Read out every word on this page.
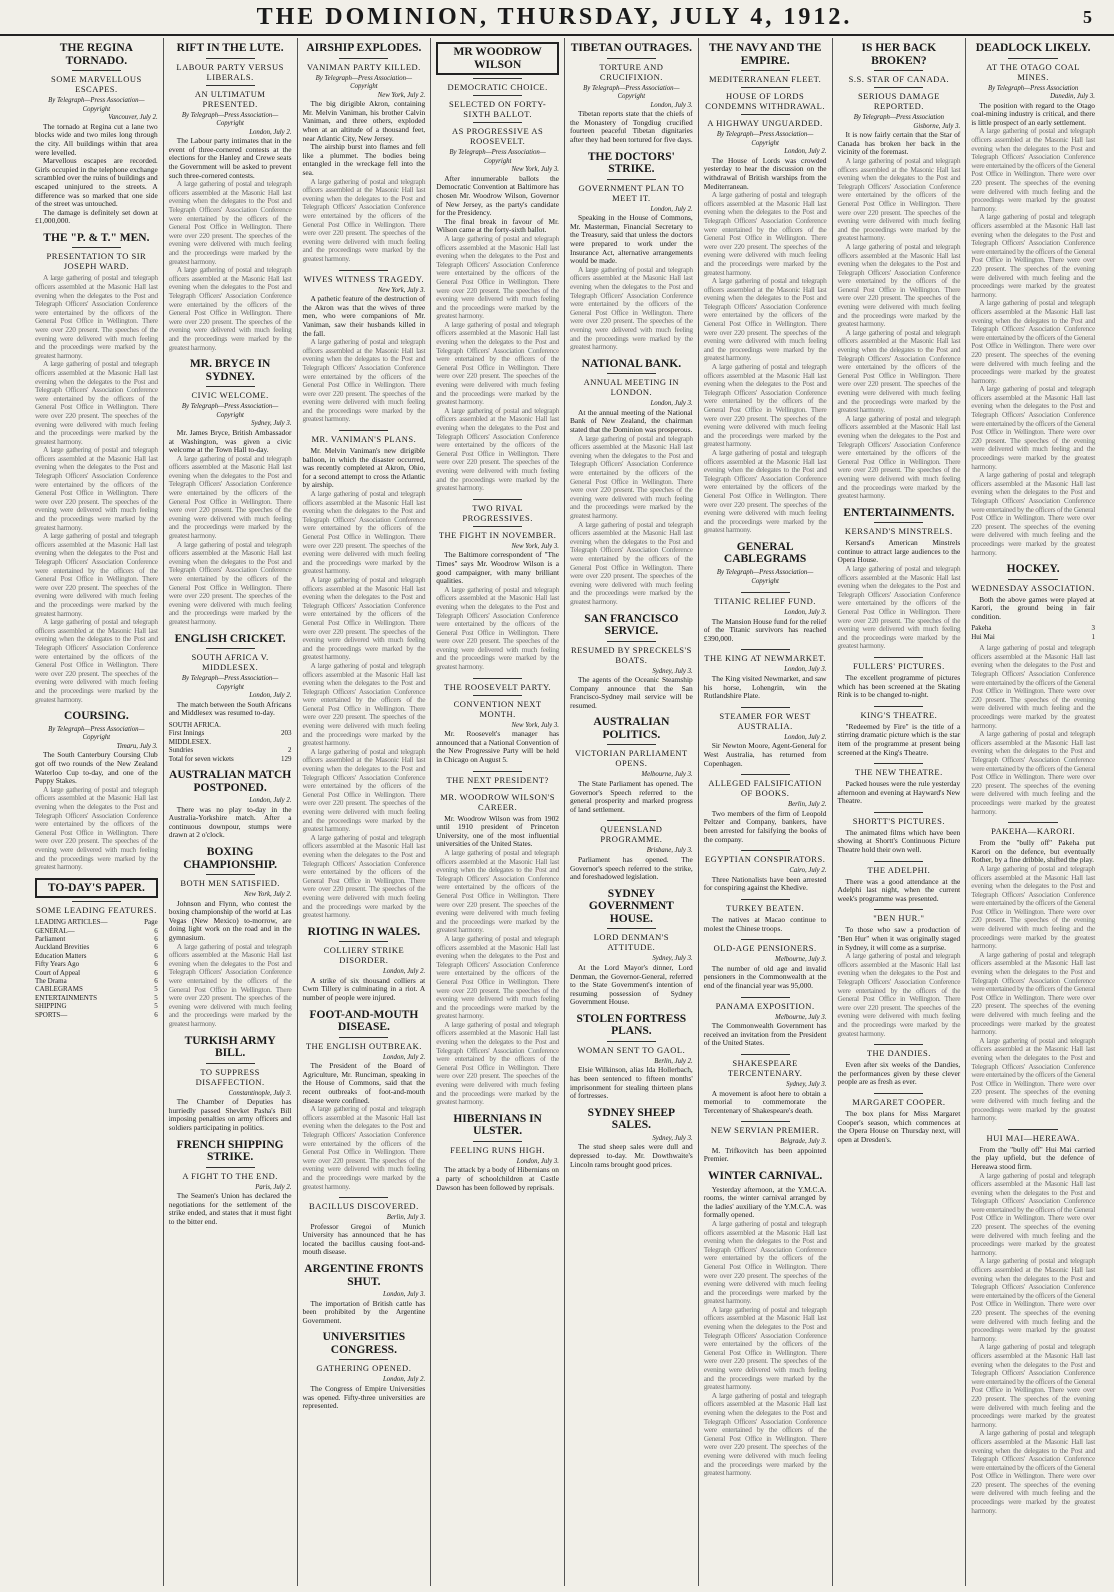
THE DOMINION, THURSDAY, JULY 4, 1912.	5
THE REGINA TORNADO.
SOME MARVELLOUS ESCAPES.
By Telegraph—Press Association—Copyright
Vancouver, July 2.

The tornado at Regina cut a lane two blocks wide and two miles long through the city. All buildings within that area were levelled.

Marvellous escapes are recorded. Girls occupied in the telephone exchange scrambled over the ruins of buildings and escaped uninjured to the streets. A difference was so marked that one side of the street was untouched.

The damage is definitely set down at £1,000,000.

THE "P. & T." MEN.
PRESENTATION TO SIR JOSEPH WARD.

A large gathering of postal and telegraph officers assembled at the Masonic Hall last evening when the delegates to the Post and Telegraph Officers' Association Conference were entertained by the officers of the General Post Office in Wellington. There were over 220 present. The speeches of the evening were delivered with much feeling and the proceedings were marked by the greatest harmony.

A large gathering of postal and telegraph officers assembled at the Masonic Hall last evening when the delegates to the Post and Telegraph Officers' Association Conference were entertained by the officers of the General Post Office in Wellington. There were over 220 present. The speeches of the evening were delivered with much feeling and the proceedings were marked by the greatest harmony.

A large gathering of postal and telegraph officers assembled at the Masonic Hall last evening when the delegates to the Post and Telegraph Officers' Association Conference were entertained by the officers of the General Post Office in Wellington. There were over 220 present. The speeches of the evening were delivered with much feeling and the proceedings were marked by the greatest harmony.

A large gathering of postal and telegraph officers assembled at the Masonic Hall last evening when the delegates to the Post and Telegraph Officers' Association Conference were entertained by the officers of the General Post Office in Wellington. There were over 220 present. The speeches of the evening were delivered with much feeling and the proceedings were marked by the greatest harmony.

A large gathering of postal and telegraph officers assembled at the Masonic Hall last evening when the delegates to the Post and Telegraph Officers' Association Conference were entertained by the officers of the General Post Office in Wellington. There were over 220 present. The speeches of the evening were delivered with much feeling and the proceedings were marked by the greatest harmony.

COURSING.
By Telegraph—Press Association—Copyright
Timaru, July 3.

The South Canterbury Coursing Club got off two rounds of the New Zealand Waterloo Cup to-day, and one of the Puppy Stakes.

A large gathering of postal and telegraph officers assembled at the Masonic Hall last evening when the delegates to the Post and Telegraph Officers' Association Conference were entertained by the officers of the General Post Office in Wellington. There were over 220 present. The speeches of the evening were delivered with much feeling and the proceedings were marked by the greatest harmony.

TO-DAY'S PAPER.
SOME LEADING FEATURES.
LEADING ARTICLES—	Page
GENERAL—	6
Parliament	6
Auckland Brevities	6
Education Matters	6
Fifty Years Ago	6
Court of Appeal	6
The Drama	6
CABLEGRAMS	5
ENTERTAINMENTS	5
SHIPPING	5
SPORTS—	6
RIFT IN THE LUTE.
LABOUR PARTY VERSUS LIBERALS.
AN ULTIMATUM PRESENTED.
By Telegraph—Press Association—Copyright
London, July 2.

The Labour party intimates that in the event of three-cornered contests at the elections for the Hanley and Crewe seats the Government will be asked to prevent such three-cornered contests.

A large gathering of postal and telegraph officers assembled at the Masonic Hall last evening when the delegates to the Post and Telegraph Officers' Association Conference were entertained by the officers of the General Post Office in Wellington. There were over 220 present. The speeches of the evening were delivered with much feeling and the proceedings were marked by the greatest harmony.

A large gathering of postal and telegraph officers assembled at the Masonic Hall last evening when the delegates to the Post and Telegraph Officers' Association Conference were entertained by the officers of the General Post Office in Wellington. There were over 220 present. The speeches of the evening were delivered with much feeling and the proceedings were marked by the greatest harmony.

MR. BRYCE IN SYDNEY.
CIVIC WELCOME.
By Telegraph—Press Association—Copyright
Sydney, July 3.

Mr. James Bryce, British Ambassador at Washington, was given a civic welcome at the Town Hall to-day.

A large gathering of postal and telegraph officers assembled at the Masonic Hall last evening when the delegates to the Post and Telegraph Officers' Association Conference were entertained by the officers of the General Post Office in Wellington. There were over 220 present. The speeches of the evening were delivered with much feeling and the proceedings were marked by the greatest harmony.

A large gathering of postal and telegraph officers assembled at the Masonic Hall last evening when the delegates to the Post and Telegraph Officers' Association Conference were entertained by the officers of the General Post Office in Wellington. There were over 220 present. The speeches of the evening were delivered with much feeling and the proceedings were marked by the greatest harmony.

ENGLISH CRICKET.
SOUTH AFRICA V. MIDDLESEX.
By Telegraph—Press Association—Copyright
London, July 2.

The match between the South Africans and Middlesex was resumed to-day.

SOUTH AFRICA.
First Innings	203
MIDDLESEX.
Sundries	2
Total for seven wickets	129
AUSTRALIAN MATCH POSTPONED.
London, July 2.

There was no play to-day in the Australia-Yorkshire match. After a continuous downpour, stumps were drawn at 2 o'clock.

BOXING CHAMPIONSHIP.
BOTH MEN SATISFIED.
New York, July 2.

Johnson and Flynn, who contest the boxing championship of the world at Las Vegas (New Mexico) to-morrow, are doing light work on the road and in the gymnasium.

A large gathering of postal and telegraph officers assembled at the Masonic Hall last evening when the delegates to the Post and Telegraph Officers' Association Conference were entertained by the officers of the General Post Office in Wellington. There were over 220 present. The speeches of the evening were delivered with much feeling and the proceedings were marked by the greatest harmony.

TURKISH ARMY BILL.
TO SUPPRESS DISAFFECTION.
Constantinople, July 3.

The Chamber of Deputies has hurriedly passed Shevket Pasha's Bill imposing penalties on army officers and soldiers participating in politics.

FRENCH SHIPPING STRIKE.
A FIGHT TO THE END.
Paris, July 2.

The Seamen's Union has declared the negotiations for the settlement of the strike ended, and states that it must fight to the bitter end.

AIRSHIP EXPLODES.
VANIMAN PARTY KILLED.
By Telegraph—Press Association—Copyright
New York, July 2.

The big dirigible Akron, containing Mr. Melvin Vaniman, his brother Calvin Vaniman, and three others, exploded when at an altitude of a thousand feet, near Atlantic City, New Jersey.

The airship burst into flames and fell like a plummet. The bodies being entangled in the wreckage fell into the sea.

A large gathering of postal and telegraph officers assembled at the Masonic Hall last evening when the delegates to the Post and Telegraph Officers' Association Conference were entertained by the officers of the General Post Office in Wellington. There were over 220 present. The speeches of the evening were delivered with much feeling and the proceedings were marked by the greatest harmony.

WIVES WITNESS TRAGEDY.
New York, July 3.

A pathetic feature of the destruction of the Akron was that the wives of three men, who were companions of Mr. Vaniman, saw their husbands killed in the fall.

A large gathering of postal and telegraph officers assembled at the Masonic Hall last evening when the delegates to the Post and Telegraph Officers' Association Conference were entertained by the officers of the General Post Office in Wellington. There were over 220 present. The speeches of the evening were delivered with much feeling and the proceedings were marked by the greatest harmony.

MR. VANIMAN'S PLANS.

Mr. Melvin Vaniman's new dirigible balloon, in which the disaster occurred, was recently completed at Akron, Ohio, for a second attempt to cross the Atlantic by airship.

A large gathering of postal and telegraph officers assembled at the Masonic Hall last evening when the delegates to the Post and Telegraph Officers' Association Conference were entertained by the officers of the General Post Office in Wellington. There were over 220 present. The speeches of the evening were delivered with much feeling and the proceedings were marked by the greatest harmony.

A large gathering of postal and telegraph officers assembled at the Masonic Hall last evening when the delegates to the Post and Telegraph Officers' Association Conference were entertained by the officers of the General Post Office in Wellington. There were over 220 present. The speeches of the evening were delivered with much feeling and the proceedings were marked by the greatest harmony.

A large gathering of postal and telegraph officers assembled at the Masonic Hall last evening when the delegates to the Post and Telegraph Officers' Association Conference were entertained by the officers of the General Post Office in Wellington. There were over 220 present. The speeches of the evening were delivered with much feeling and the proceedings were marked by the greatest harmony.

A large gathering of postal and telegraph officers assembled at the Masonic Hall last evening when the delegates to the Post and Telegraph Officers' Association Conference were entertained by the officers of the General Post Office in Wellington. There were over 220 present. The speeches of the evening were delivered with much feeling and the proceedings were marked by the greatest harmony.

A large gathering of postal and telegraph officers assembled at the Masonic Hall last evening when the delegates to the Post and Telegraph Officers' Association Conference were entertained by the officers of the General Post Office in Wellington. There were over 220 present. The speeches of the evening were delivered with much feeling and the proceedings were marked by the greatest harmony.

RIOTING IN WALES.
COLLIERY STRIKE DISORDER.
London, July 2.

A strike of six thousand colliers at Cwm Tillery is culminating in a riot. A number of people were injured.

FOOT-AND-MOUTH DISEASE.
THE ENGLISH OUTBREAK.
London, July 2.

The President of the Board of Agriculture, Mr. Runciman, speaking in the House of Commons, said that the recent outbreaks of foot-and-mouth disease were confined.

A large gathering of postal and telegraph officers assembled at the Masonic Hall last evening when the delegates to the Post and Telegraph Officers' Association Conference were entertained by the officers of the General Post Office in Wellington. There were over 220 present. The speeches of the evening were delivered with much feeling and the proceedings were marked by the greatest harmony.

BACILLUS DISCOVERED.
Berlin, July 3.

Professor Gregoi of Munich University has announced that he has located the bacillus causing foot-and-mouth disease.

ARGENTINE FRONTS SHUT.
London, July 3.

The importation of British cattle has been prohibited by the Argentine Government.

UNIVERSITIES CONGRESS.
GATHERING OPENED.
London, July 2.

The Congress of Empire Universities was opened. Fifty-three universities are represented.

MR WOODROW WILSON
DEMOCRATIC CHOICE.
SELECTED ON FORTY-SIXTH BALLOT.
AS PROGRESSIVE AS ROOSEVELT.
By Telegraph—Press Association—Copyright
New York, July 3.

After innumerable ballots the Democratic Convention at Baltimore has chosen Mr. Woodrow Wilson, Governor of New Jersey, as the party's candidate for the Presidency.

The final break in favour of Mr. Wilson came at the forty-sixth ballot.

A large gathering of postal and telegraph officers assembled at the Masonic Hall last evening when the delegates to the Post and Telegraph Officers' Association Conference were entertained by the officers of the General Post Office in Wellington. There were over 220 present. The speeches of the evening were delivered with much feeling and the proceedings were marked by the greatest harmony.

A large gathering of postal and telegraph officers assembled at the Masonic Hall last evening when the delegates to the Post and Telegraph Officers' Association Conference were entertained by the officers of the General Post Office in Wellington. There were over 220 present. The speeches of the evening were delivered with much feeling and the proceedings were marked by the greatest harmony.

A large gathering of postal and telegraph officers assembled at the Masonic Hall last evening when the delegates to the Post and Telegraph Officers' Association Conference were entertained by the officers of the General Post Office in Wellington. There were over 220 present. The speeches of the evening were delivered with much feeling and the proceedings were marked by the greatest harmony.

TWO RIVAL PROGRESSIVES.
THE FIGHT IN NOVEMBER.
New York, July 3.

The Baltimore correspondent of "The Times" says Mr. Woodrow Wilson is a good campaigner, with many brilliant qualities.

A large gathering of postal and telegraph officers assembled at the Masonic Hall last evening when the delegates to the Post and Telegraph Officers' Association Conference were entertained by the officers of the General Post Office in Wellington. There were over 220 present. The speeches of the evening were delivered with much feeling and the proceedings were marked by the greatest harmony.

THE ROOSEVELT PARTY.
CONVENTION NEXT MONTH.
New York, July 3.

Mr. Roosevelt's manager has announced that a National Convention of the New Progressive Party will be held in Chicago on August 5.

THE NEXT PRESIDENT?
MR. WOODROW WILSON'S CAREER.

Mr. Woodrow Wilson was from 1902 until 1910 president of Princeton University, one of the most influential universities of the United States.

A large gathering of postal and telegraph officers assembled at the Masonic Hall last evening when the delegates to the Post and Telegraph Officers' Association Conference were entertained by the officers of the General Post Office in Wellington. There were over 220 present. The speeches of the evening were delivered with much feeling and the proceedings were marked by the greatest harmony.

A large gathering of postal and telegraph officers assembled at the Masonic Hall last evening when the delegates to the Post and Telegraph Officers' Association Conference were entertained by the officers of the General Post Office in Wellington. There were over 220 present. The speeches of the evening were delivered with much feeling and the proceedings were marked by the greatest harmony.

A large gathering of postal and telegraph officers assembled at the Masonic Hall last evening when the delegates to the Post and Telegraph Officers' Association Conference were entertained by the officers of the General Post Office in Wellington. There were over 220 present. The speeches of the evening were delivered with much feeling and the proceedings were marked by the greatest harmony.

HIBERNIANS IN ULSTER.
FEELING RUNS HIGH.
London, July 3.

The attack by a body of Hibernians on a party of schoolchildren at Castle Dawson has been followed by reprisals.

TIBETAN OUTRAGES.
TORTURE AND CRUCIFIXION.
By Telegraph—Press Association—Copyright
London, July 3.

Tibetan reports state that the chiefs of the Monastery of Tongdiug crucified fourteen peaceful Tibetan dignitaries after they had been tortured for five days.

THE DOCTORS' STRIKE.
GOVERNMENT PLAN TO MEET IT.
London, July 2.

Speaking in the House of Commons, Mr. Masterman, Financial Secretary to the Treasury, said that unless the doctors were prepared to work under the Insurance Act, alternative arrangements would be made.

A large gathering of postal and telegraph officers assembled at the Masonic Hall last evening when the delegates to the Post and Telegraph Officers' Association Conference were entertained by the officers of the General Post Office in Wellington. There were over 220 present. The speeches of the evening were delivered with much feeling and the proceedings were marked by the greatest harmony.

NATIONAL BANK.
ANNUAL MEETING IN LONDON.
London, July 3.

At the annual meeting of the National Bank of New Zealand, the chairman stated that the Dominion was prosperous.

A large gathering of postal and telegraph officers assembled at the Masonic Hall last evening when the delegates to the Post and Telegraph Officers' Association Conference were entertained by the officers of the General Post Office in Wellington. There were over 220 present. The speeches of the evening were delivered with much feeling and the proceedings were marked by the greatest harmony.

A large gathering of postal and telegraph officers assembled at the Masonic Hall last evening when the delegates to the Post and Telegraph Officers' Association Conference were entertained by the officers of the General Post Office in Wellington. There were over 220 present. The speeches of the evening were delivered with much feeling and the proceedings were marked by the greatest harmony.

SAN FRANCISCO SERVICE.
RESUMED BY SPRECKELS'S BOATS.
Sydney, July 3.

The agents of the Oceanic Steamship Company announce that the San Francisco-Sydney mail service will be resumed.

AUSTRALIAN POLITICS.
VICTORIAN PARLIAMENT OPENS.
Melbourne, July 3.

The State Parliament has opened. The Governor's Speech referred to the general prosperity and marked progress of land settlement.

QUEENSLAND PROGRAMME.
Brisbane, July 3.

Parliament has opened. The Governor's speech referred to the strike, and foreshadowed legislation.

SYDNEY GOVERNMENT HOUSE.
LORD DENMAN'S ATTITUDE.
Sydney, July 3.

At the Lord Mayor's dinner, Lord Denman, the Governor-General, referred to the State Government's intention of resuming possession of Sydney Government House.

STOLEN FORTRESS PLANS.
WOMAN SENT TO GAOL.
Berlin, July 2.

Elsie Wilkinson, alias Ida Hollerbach, has been sentenced to fifteen months' imprisonment for stealing thirteen plans of fortresses.

SYDNEY SHEEP SALES.
Sydney, July 3.

The stud sheep sales were dull and depressed to-day. Mr. Dowthwaite's Lincoln rams brought good prices.

THE NAVY AND THE EMPIRE.
MEDITERRANEAN FLEET.
HOUSE OF LORDS CONDEMNS WITHDRAWAL.
A HIGHWAY UNGUARDED.
By Telegraph—Press Association—Copyright
London, July 2.

The House of Lords was crowded yesterday to hear the discussion on the withdrawal of British warships from the Mediterranean.

A large gathering of postal and telegraph officers assembled at the Masonic Hall last evening when the delegates to the Post and Telegraph Officers' Association Conference were entertained by the officers of the General Post Office in Wellington. There were over 220 present. The speeches of the evening were delivered with much feeling and the proceedings were marked by the greatest harmony.

A large gathering of postal and telegraph officers assembled at the Masonic Hall last evening when the delegates to the Post and Telegraph Officers' Association Conference were entertained by the officers of the General Post Office in Wellington. There were over 220 present. The speeches of the evening were delivered with much feeling and the proceedings were marked by the greatest harmony.

A large gathering of postal and telegraph officers assembled at the Masonic Hall last evening when the delegates to the Post and Telegraph Officers' Association Conference were entertained by the officers of the General Post Office in Wellington. There were over 220 present. The speeches of the evening were delivered with much feeling and the proceedings were marked by the greatest harmony.

A large gathering of postal and telegraph officers assembled at the Masonic Hall last evening when the delegates to the Post and Telegraph Officers' Association Conference were entertained by the officers of the General Post Office in Wellington. There were over 220 present. The speeches of the evening were delivered with much feeling and the proceedings were marked by the greatest harmony.

GENERAL CABLEGRAMS
By Telegraph—Press Association—Copyright
TITANIC RELIEF FUND.
London, July 3.

The Mansion House fund for the relief of the Titanic survivors has reached £390,000.

THE KING AT NEWMARKET.
London, July 3.

The King visited Newmarket, and saw his horse, Lohengrin, win the Rutlandshire Plate.

STEAMER FOR WEST AUSTRALIA.
London, July 2.

Sir Newton Moore, Agent-General for West Australia, has returned from Copenhagen.

ALLEGED FALSIFICATION OF BOOKS.
Berlin, July 2.

Two members of the firm of Leopold Peltzer and Company, bankers, have been arrested for falsifying the books of the company.

EGYPTIAN CONSPIRATORS.
Cairo, July 2.

Three Nationalists have been arrested for conspiring against the Khedive.

TURKEY BEATEN.

The natives at Macao continue to molest the Chinese troops.

OLD-AGE PENSIONERS.
Melbourne, July 3.

The number of old age and invalid pensioners in the Commonwealth at the end of the financial year was 95,000.

PANAMA EXPOSITION.
Melbourne, July 3.

The Commonwealth Government has received an invitation from the President of the United States.

SHAKESPEARE TERCENTENARY.
Sydney, July 3.

A movement is afoot here to obtain a memorial to commemorate the Tercentenary of Shakespeare's death.

NEW SERVIAN PREMIER.
Belgrade, July 3.

M. Trifkovitch has been appointed Premier.

WINTER CARNIVAL.

Yesterday afternoon, at the Y.M.C.A. rooms, the winter carnival arranged by the ladies' auxiliary of the Y.M.C.A. was formally opened.

A large gathering of postal and telegraph officers assembled at the Masonic Hall last evening when the delegates to the Post and Telegraph Officers' Association Conference were entertained by the officers of the General Post Office in Wellington. There were over 220 present. The speeches of the evening were delivered with much feeling and the proceedings were marked by the greatest harmony.

A large gathering of postal and telegraph officers assembled at the Masonic Hall last evening when the delegates to the Post and Telegraph Officers' Association Conference were entertained by the officers of the General Post Office in Wellington. There were over 220 present. The speeches of the evening were delivered with much feeling and the proceedings were marked by the greatest harmony.

A large gathering of postal and telegraph officers assembled at the Masonic Hall last evening when the delegates to the Post and Telegraph Officers' Association Conference were entertained by the officers of the General Post Office in Wellington. There were over 220 present. The speeches of the evening were delivered with much feeling and the proceedings were marked by the greatest harmony.

IS HER BACK BROKEN?
S.S. STAR OF CANADA.
SERIOUS DAMAGE REPORTED.
By Telegraph—Press Association
Gisborne, July 3.

It is now fairly certain that the Star of Canada has broken her back in the vicinity of the foremast.

A large gathering of postal and telegraph officers assembled at the Masonic Hall last evening when the delegates to the Post and Telegraph Officers' Association Conference were entertained by the officers of the General Post Office in Wellington. There were over 220 present. The speeches of the evening were delivered with much feeling and the proceedings were marked by the greatest harmony.

A large gathering of postal and telegraph officers assembled at the Masonic Hall last evening when the delegates to the Post and Telegraph Officers' Association Conference were entertained by the officers of the General Post Office in Wellington. There were over 220 present. The speeches of the evening were delivered with much feeling and the proceedings were marked by the greatest harmony.

A large gathering of postal and telegraph officers assembled at the Masonic Hall last evening when the delegates to the Post and Telegraph Officers' Association Conference were entertained by the officers of the General Post Office in Wellington. There were over 220 present. The speeches of the evening were delivered with much feeling and the proceedings were marked by the greatest harmony.

A large gathering of postal and telegraph officers assembled at the Masonic Hall last evening when the delegates to the Post and Telegraph Officers' Association Conference were entertained by the officers of the General Post Office in Wellington. There were over 220 present. The speeches of the evening were delivered with much feeling and the proceedings were marked by the greatest harmony.

ENTERTAINMENTS.
KERSAND'S MINSTRELS.

Kersand's American Minstrels continue to attract large audiences to the Opera House.

A large gathering of postal and telegraph officers assembled at the Masonic Hall last evening when the delegates to the Post and Telegraph Officers' Association Conference were entertained by the officers of the General Post Office in Wellington. There were over 220 present. The speeches of the evening were delivered with much feeling and the proceedings were marked by the greatest harmony.

FULLERS' PICTURES.

The excellent programme of pictures which has been screened at the Skating Rink is to be changed to-night.

KING'S THEATRE.

"Redeemed by Fire" is the title of a stirring dramatic picture which is the star item of the programme at present being screened at the King's Theatre.

THE NEW THEATRE.

Packed houses were the rule yesterday afternoon and evening at Hayward's New Theatre.

SHORTT'S PICTURES.

The animated films which have been showing at Shortt's Continuous Picture Theatre hold their own well.

THE ADELPHI.

There was a good attendance at the Adelphi last night, when the current week's programme was presented.

"BEN HUR."

To those who saw a production of "Ben Hur" when it was originally staged in Sydney, it will come as a surprise.

A large gathering of postal and telegraph officers assembled at the Masonic Hall last evening when the delegates to the Post and Telegraph Officers' Association Conference were entertained by the officers of the General Post Office in Wellington. There were over 220 present. The speeches of the evening were delivered with much feeling and the proceedings were marked by the greatest harmony.

THE DANDIES.

Even after six weeks of the Dandies, the performances given by these clever people are as fresh as ever.

MARGARET COOPER.

The box plans for Miss Margaret Cooper's season, which commences at the Opera House on Thursday next, will open at Dresden's.

DEADLOCK LIKELY.
AT THE OTAGO COAL MINES.
By Telegraph—Press Association
Dunedin, July 3.

The position with regard to the Otago coal-mining industry is critical, and there is little prospect of an early settlement.

A large gathering of postal and telegraph officers assembled at the Masonic Hall last evening when the delegates to the Post and Telegraph Officers' Association Conference were entertained by the officers of the General Post Office in Wellington. There were over 220 present. The speeches of the evening were delivered with much feeling and the proceedings were marked by the greatest harmony.

A large gathering of postal and telegraph officers assembled at the Masonic Hall last evening when the delegates to the Post and Telegraph Officers' Association Conference were entertained by the officers of the General Post Office in Wellington. There were over 220 present. The speeches of the evening were delivered with much feeling and the proceedings were marked by the greatest harmony.

A large gathering of postal and telegraph officers assembled at the Masonic Hall last evening when the delegates to the Post and Telegraph Officers' Association Conference were entertained by the officers of the General Post Office in Wellington. There were over 220 present. The speeches of the evening were delivered with much feeling and the proceedings were marked by the greatest harmony.

A large gathering of postal and telegraph officers assembled at the Masonic Hall last evening when the delegates to the Post and Telegraph Officers' Association Conference were entertained by the officers of the General Post Office in Wellington. There were over 220 present. The speeches of the evening were delivered with much feeling and the proceedings were marked by the greatest harmony.

A large gathering of postal and telegraph officers assembled at the Masonic Hall last evening when the delegates to the Post and Telegraph Officers' Association Conference were entertained by the officers of the General Post Office in Wellington. There were over 220 present. The speeches of the evening were delivered with much feeling and the proceedings were marked by the greatest harmony.

HOCKEY.
WEDNESDAY ASSOCIATION.

Both the above games were played at Karori, the ground being in fair condition.

Pakeha	3
Hui Mai	1

A large gathering of postal and telegraph officers assembled at the Masonic Hall last evening when the delegates to the Post and Telegraph Officers' Association Conference were entertained by the officers of the General Post Office in Wellington. There were over 220 present. The speeches of the evening were delivered with much feeling and the proceedings were marked by the greatest harmony.

A large gathering of postal and telegraph officers assembled at the Masonic Hall last evening when the delegates to the Post and Telegraph Officers' Association Conference were entertained by the officers of the General Post Office in Wellington. There were over 220 present. The speeches of the evening were delivered with much feeling and the proceedings were marked by the greatest harmony.

PAKEHA—KARORI.

From the "bully off" Pakeha put Karori on the defence, but eventually Rother, by a fine dribble, shifted the play.

A large gathering of postal and telegraph officers assembled at the Masonic Hall last evening when the delegates to the Post and Telegraph Officers' Association Conference were entertained by the officers of the General Post Office in Wellington. There were over 220 present. The speeches of the evening were delivered with much feeling and the proceedings were marked by the greatest harmony.

A large gathering of postal and telegraph officers assembled at the Masonic Hall last evening when the delegates to the Post and Telegraph Officers' Association Conference were entertained by the officers of the General Post Office in Wellington. There were over 220 present. The speeches of the evening were delivered with much feeling and the proceedings were marked by the greatest harmony.

A large gathering of postal and telegraph officers assembled at the Masonic Hall last evening when the delegates to the Post and Telegraph Officers' Association Conference were entertained by the officers of the General Post Office in Wellington. There were over 220 present. The speeches of the evening were delivered with much feeling and the proceedings were marked by the greatest harmony.

HUI MAI—HEREAWA.

From the "bully off" Hui Mai carried the play upfield, but the defence of Hereawa stood firm.

A large gathering of postal and telegraph officers assembled at the Masonic Hall last evening when the delegates to the Post and Telegraph Officers' Association Conference were entertained by the officers of the General Post Office in Wellington. There were over 220 present. The speeches of the evening were delivered with much feeling and the proceedings were marked by the greatest harmony.

A large gathering of postal and telegraph officers assembled at the Masonic Hall last evening when the delegates to the Post and Telegraph Officers' Association Conference were entertained by the officers of the General Post Office in Wellington. There were over 220 present. The speeches of the evening were delivered with much feeling and the proceedings were marked by the greatest harmony.

A large gathering of postal and telegraph officers assembled at the Masonic Hall last evening when the delegates to the Post and Telegraph Officers' Association Conference were entertained by the officers of the General Post Office in Wellington. There were over 220 present. The speeches of the evening were delivered with much feeling and the proceedings were marked by the greatest harmony.

A large gathering of postal and telegraph officers assembled at the Masonic Hall last evening when the delegates to the Post and Telegraph Officers' Association Conference were entertained by the officers of the General Post Office in Wellington. There were over 220 present. The speeches of the evening were delivered with much feeling and the proceedings were marked by the greatest harmony.
